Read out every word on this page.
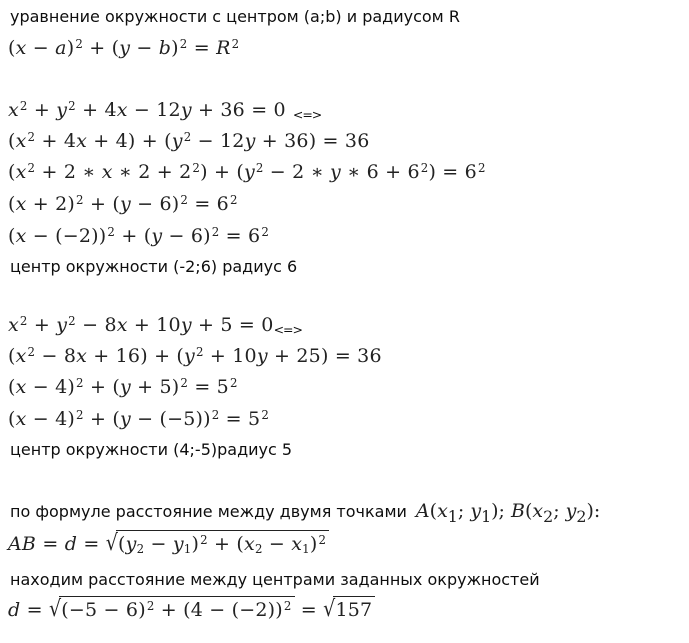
уравнение окружности с центром (a;b) и радиусом R
$(x - a)^2 + (y - b)^2 = R^2$
$x^2 + y^2 + 4x - 12y + 36 = 0$ <=>
$(x^2 + 4x + 4) + (y^2 - 12y + 36) = 36$
($x^2 + 2$ ∗ x ∗ $2 + 2^2) + (y^2 - 2$ ∗ y ∗ $6 + 6^2) = 6^2$
$(x + 2)^2 + (y - 6)^2 = 6^2$
$(x - (-2))^2 + (y - 6)^2 = 6^2$
центр окружности (-2;6) радиус 6
$x^2 + y^2 - 8x + 10y + 5 = 0<=>$
$(x^2 - 8x + 16) + (y^2 + 10y + 25) = 36$
$(x - 4)^2 + (y + 5)^2 = 5^2$
$(x - 4)^2 + (y - (-5))^2 = 5^2$
центр окружности (4;-5)радиус 5
по формуле расстояние между двумя точками $A(x_1$; $y_1$); $B(x_2$; $y_2$):
AB = $d = √(y_2 - y_1)^2 + (x_2 - x_1)^2$
находим расстояние между центрами заданных окружностей
$d = √(-5 - 6)^2 + (4 - (-2))^2 = √157$
